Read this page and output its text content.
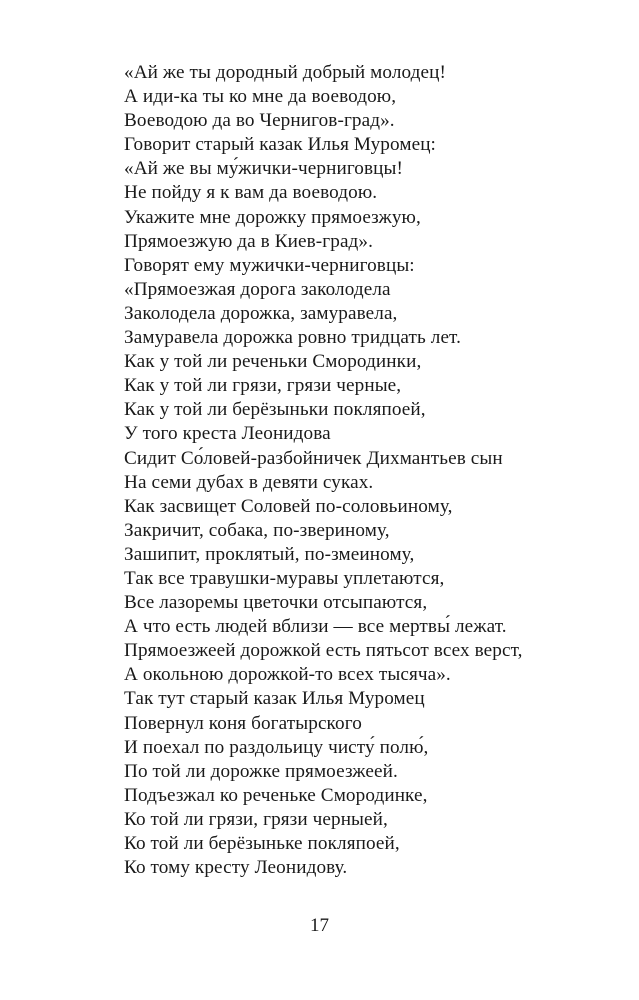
«Ай же ты дородный добрый молодец!
А иди-ка ты ко мне да воеводою,
Воеводою да во Чернигов-град».
Говорит старый казак Илья Муромец:
«Ай же вы му́жички-черниговцы!
Не пойду я к вам да воеводою.
Укажите мне дорожку прямоезжую,
Прямоезжую да в Киев-град».
Говорят ему мужички-черниговцы:
«Прямоезжая дорога заколодела
Заколодела дорожка, замуравела,
Замуравела дорожка ровно тридцать лет.
Как у той ли реченьки Смородинки,
Как у той ли грязи, грязи черные,
Как у той ли берёзыньки покляпоей,
У того креста Леонидова
Сидит Со́ловей-разбойничек Дихмантьев сын
На семи дубах в девяти суках.
Как засвищет Соловей по-соловьиному,
Закричит, собака, по-звериному,
Зашипит, проклятый, по-змеиному,
Так все травушки-муравы уплетаются,
Все лазоремы цветочки отсыпаются,
А что есть людей вблизи — все мертвы́ лежат.
Прямоезжеей дорожкой есть пятьсот всех верст,
А окольною дорожкой-то всех тысяча».
Так тут старый казак Илья Муромец
Повернул коня богатырского
И поехал по раздольицу чисту́ полю́,
По той ли дорожке прямоезжеей.
Подъезжал ко реченьке Смородинке,
Ко той ли грязи, грязи черныей,
Ко той ли берёзыньке покляпоей,
Ко тому кресту Леонидову.
17
